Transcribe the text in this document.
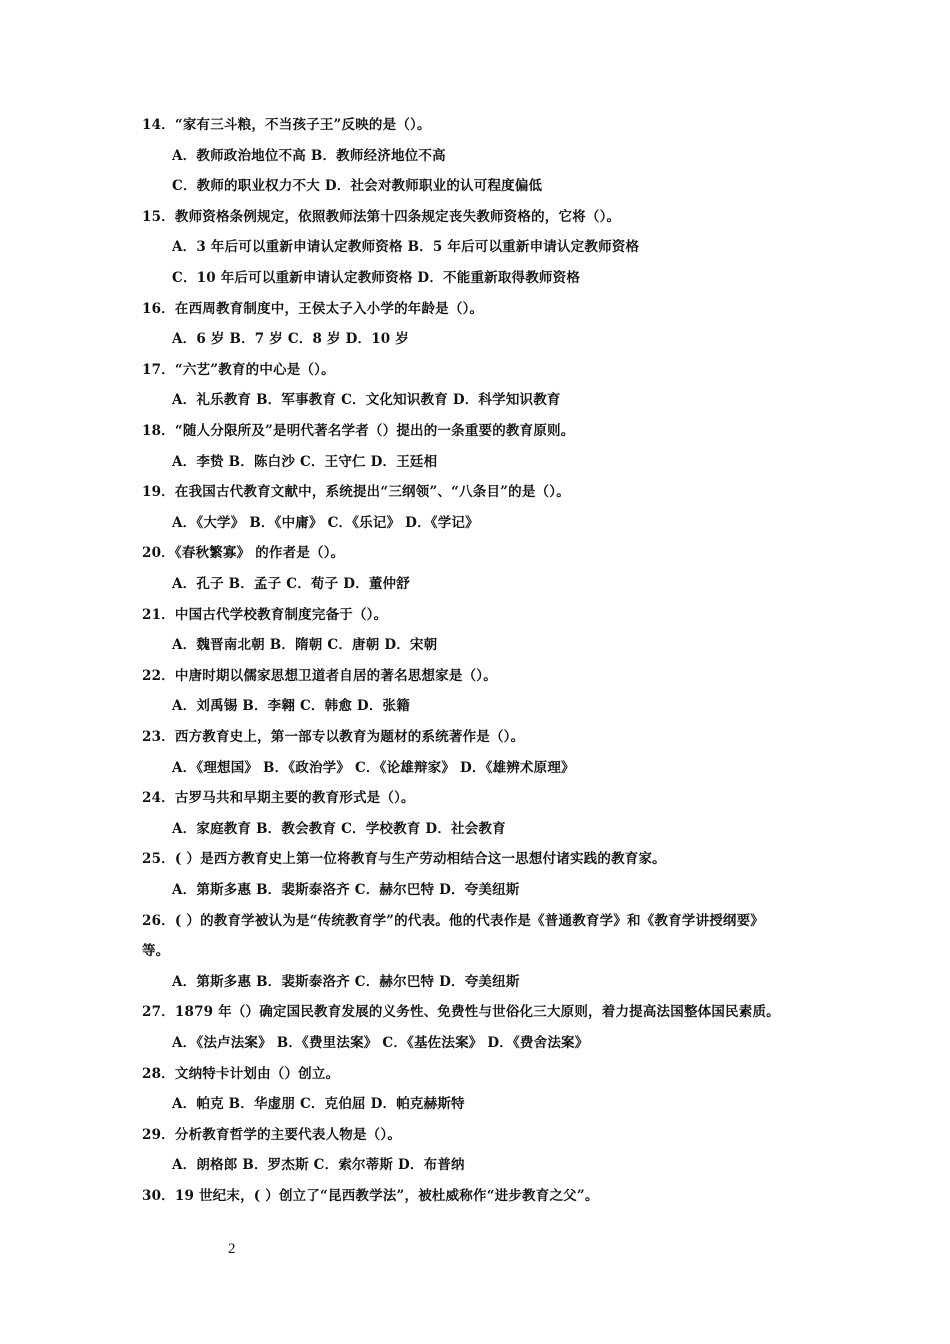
14．“家有三斗粮，不当孩子王”反映的是（）。
A．教师政治地位不高 B．教师经济地位不高
C．教师的职业权力不大 D．社会对教师职业的认可程度偏低
15．教师资格条例规定，依照教师法第十四条规定丧失教师资格的，它将（）。
A．3 年后可以重新申请认定教师资格 B．5 年后可以重新申请认定教师资格
C．10 年后可以重新申请认定教师资格 D．不能重新取得教师资格
16．在西周教育制度中，王侯太子入小学的年龄是（）。
A．6 岁 B．7 岁 C．8 岁 D．10 岁
17．“六艺”教育的中心是（）。
A．礼乐教育 B．军事教育 C．文化知识教育 D．科学知识教育
18．“随人分限所及”是明代著名学者（）提出的一条重要的教育原则。
A．李贽 B．陈白沙 C．王守仁 D．王廷相
19．在我国古代教育文献中，系统提出“三纲领”、“八条目”的是（）。
A．《大学》 B．《中庸》 C．《乐记》 D．《学记》
20．《春秋繁寡》 的作者是（）。
A．孔子 B．孟子 C．荀子 D．董仲舒
21．中国古代学校教育制度完备于（）。
A．魏晋南北朝 B．隋朝 C．唐朝 D．宋朝
22．中唐时期以儒家思想卫道者自居的著名思想家是（）。
A．刘禹锡 B．李翱 C．韩愈 D．张籍
23．西方教育史上，第一部专以教育为题材的系统著作是（）。
A．《理想国》 B．《政治学》 C．《论雄辩家》 D．《雄辨术原理》
24．古罗马共和早期主要的教育形式是（）。
A．家庭教育 B．教会教育 C．学校教育 D．社会教育
25．( ）是西方教育史上第一位将教育与生产劳动相结合这一思想付诸实践的教育家。
A．第斯多惠 B．裴斯泰洛齐 C．赫尔巴特 D．夸美纽斯
26．( ）的教育学被认为是“传统教育学”的代表。他的代表作是《普通教育学》和《教育学讲授纲要》
等。
A．第斯多惠 B．裴斯泰洛齐 C．赫尔巴特 D．夸美纽斯
27．1879 年（）确定国民教育发展的义务性、免费性与世俗化三大原则，着力提高法国整体国民素质。
A．《法卢法案》 B．《费里法案》 C．《基佐法案》 D．《费舍法案》
28．文纳特卡计划由（）创立。
A．帕克 B．华虚朋 C．克伯屈 D．帕克赫斯特
29．分析教育哲学的主要代表人物是（）。
A．朗格郎 B．罗杰斯 C．索尔蒂斯 D．布普纳
30．19 世纪末，( ）创立了“昆西教学法”，被杜威称作“进步教育之父”。
2
